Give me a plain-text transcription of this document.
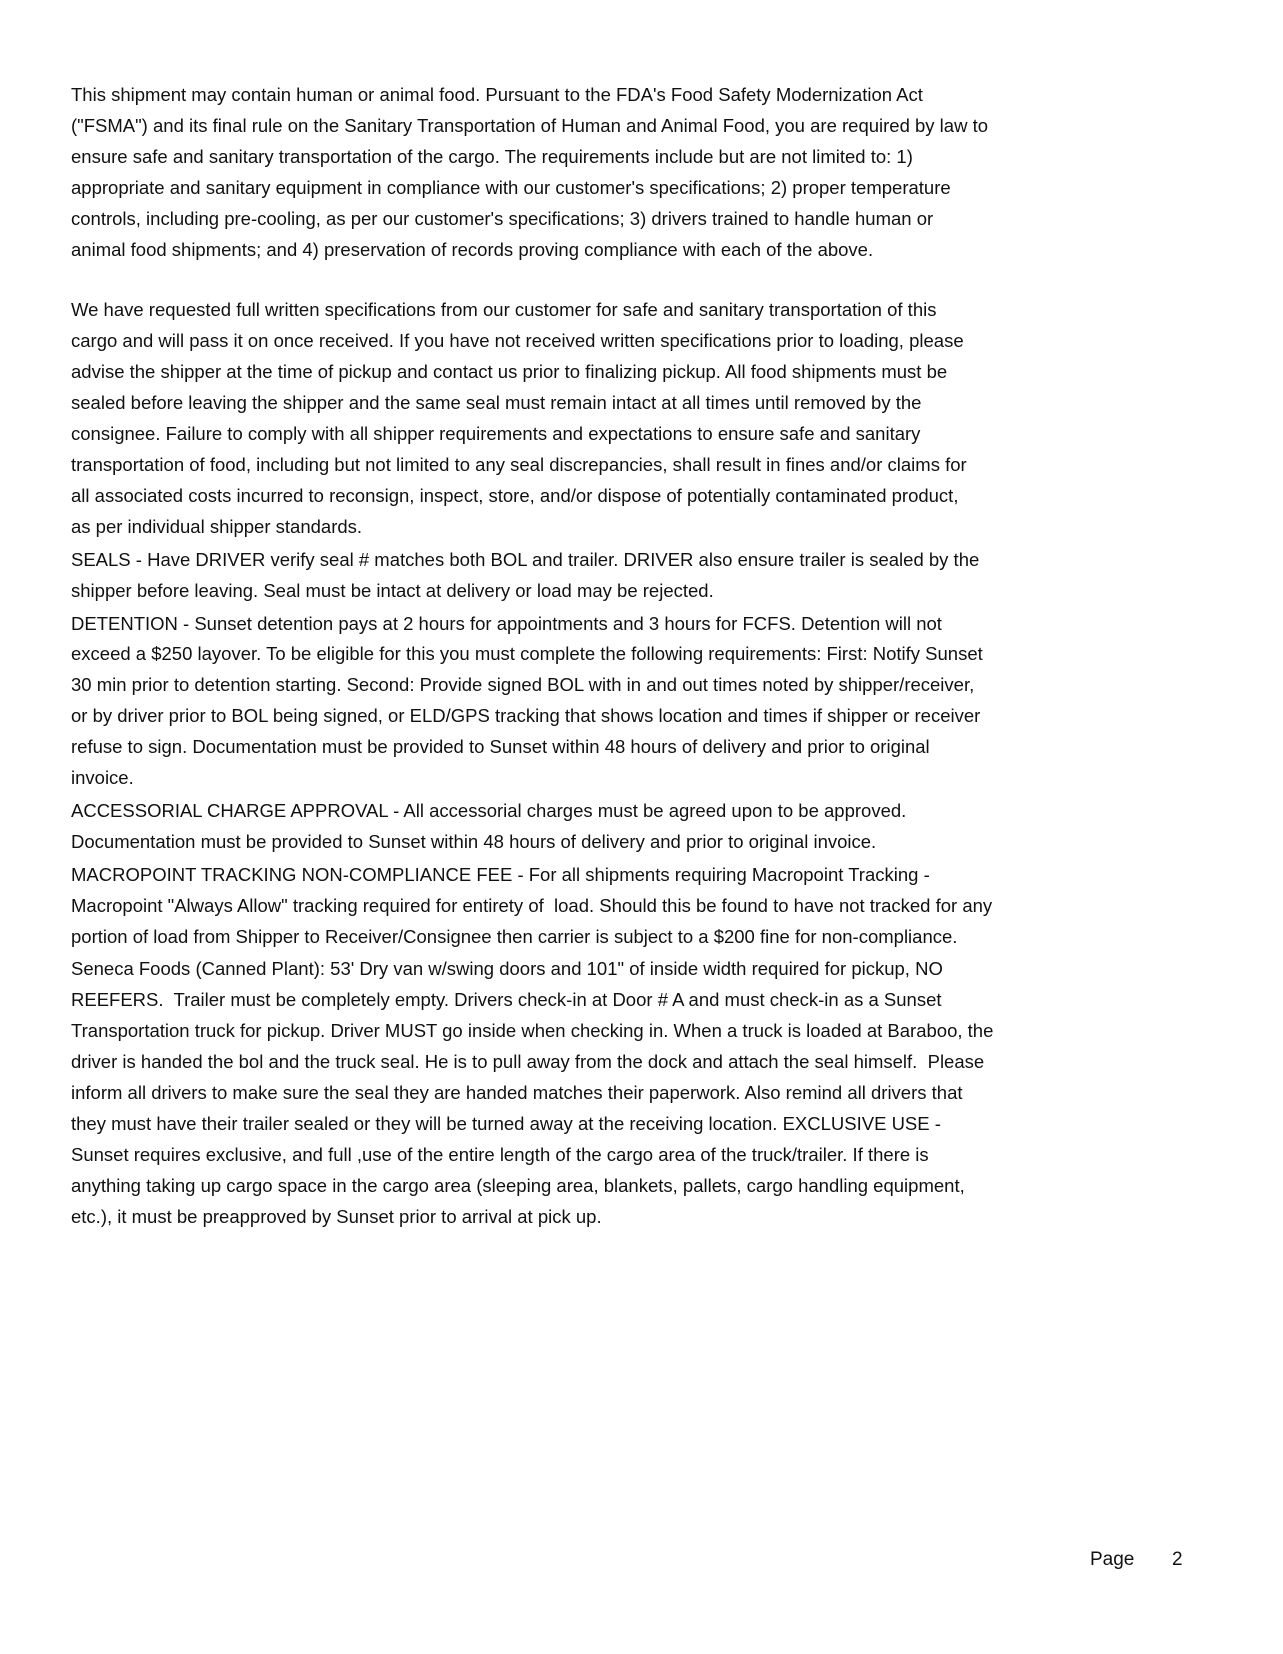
This shipment may contain human or animal food. Pursuant to the FDA's Food Safety Modernization Act
("FSMA") and its final rule on the Sanitary Transportation of Human and Animal Food, you are required by law to
ensure safe and sanitary transportation of the cargo. The requirements include but are not limited to: 1)
appropriate and sanitary equipment in compliance with our customer's specifications; 2) proper temperature
controls, including pre-cooling, as per our customer's specifications; 3) drivers trained to handle human or
animal food shipments; and 4) preservation of records proving compliance with each of the above.
We have requested full written specifications from our customer for safe and sanitary transportation of this
cargo and will pass it on once received. If you have not received written specifications prior to loading, please
advise the shipper at the time of pickup and contact us prior to finalizing pickup. All food shipments must be
sealed before leaving the shipper and the same seal must remain intact at all times until removed by the
consignee. Failure to comply with all shipper requirements and expectations to ensure safe and sanitary
transportation of food, including but not limited to any seal discrepancies, shall result in fines and/or claims for
all associated costs incurred to reconsign, inspect, store, and/or dispose of potentially contaminated product,
as per individual shipper standards.
SEALS - Have DRIVER verify seal # matches both BOL and trailer. DRIVER also ensure trailer is sealed by the
shipper before leaving. Seal must be intact at delivery or load may be rejected.
DETENTION - Sunset detention pays at 2 hours for appointments and 3 hours for FCFS. Detention will not
exceed a $250 layover. To be eligible for this you must complete the following requirements: First: Notify Sunset
30 min prior to detention starting. Second: Provide signed BOL with in and out times noted by shipper/receiver,
or by driver prior to BOL being signed, or ELD/GPS tracking that shows location and times if shipper or receiver
refuse to sign. Documentation must be provided to Sunset within 48 hours of delivery and prior to original
invoice.
ACCESSORIAL CHARGE APPROVAL - All accessorial charges must be agreed upon to be approved.
Documentation must be provided to Sunset within 48 hours of delivery and prior to original invoice.
MACROPOINT TRACKING NON-COMPLIANCE FEE - For all shipments requiring Macropoint Tracking -
Macropoint "Always Allow" tracking required for entirety of  load. Should this be found to have not tracked for any
portion of load from Shipper to Receiver/Consignee then carrier is subject to a $200 fine for non-compliance.
Seneca Foods (Canned Plant): 53' Dry van w/swing doors and 101" of inside width required for pickup, NO
REEFERS.  Trailer must be completely empty. Drivers check-in at Door # A and must check-in as a Sunset
Transportation truck for pickup. Driver MUST go inside when checking in. When a truck is loaded at Baraboo, the
driver is handed the bol and the truck seal. He is to pull away from the dock and attach the seal himself.  Please
inform all drivers to make sure the seal they are handed matches their paperwork. Also remind all drivers that
they must have their trailer sealed or they will be turned away at the receiving location. EXCLUSIVE USE -
Sunset requires exclusive, and full ,use of the entire length of the cargo area of the truck/trailer. If there is
anything taking up cargo space in the cargo area (sleeping area, blankets, pallets, cargo handling equipment,
etc.), it must be preapproved by Sunset prior to arrival at pick up.
Page 2
